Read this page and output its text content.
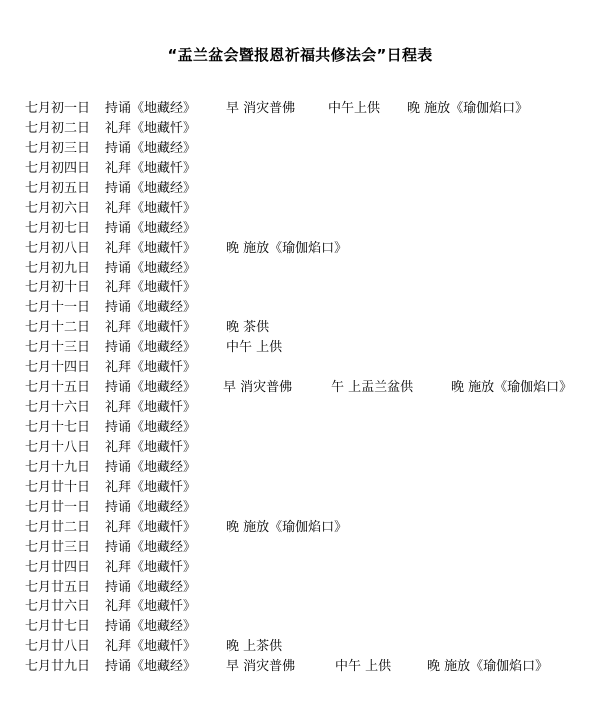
“盂兰盆会暨报恩祈福共修法会”日程表
七月初一日 持诵《地藏经》 早 消灾普佛	中午上供 晚 施放《瑜伽焰口》
七月初二日 礼拜《地藏忏》
七月初三日 持诵《地藏经》
七月初四日 礼拜《地藏忏》
七月初五日 持诵《地藏经》
七月初六日 礼拜《地藏忏》
七月初七日 持诵《地藏经》
七月初八日 礼拜《地藏忏》 晚 施放《瑜伽焰口》
七月初九日 持诵《地藏经》
七月初十日 礼拜《地藏忏》
七月十一日 持诵《地藏经》
七月十二日 礼拜《地藏忏》 晚 茶供
七月十三日 持诵《地藏经》 中午 上供
七月十四日 礼拜《地藏忏》
七月十五日 持诵《地藏经》 早 消灾普佛	午 上盂兰盆供	晚 施放《瑜伽焰口》
七月十六日 礼拜《地藏忏》
七月十七日 持诵《地藏经》
七月十八日 礼拜《地藏忏》
七月十九日 持诵《地藏经》
七月廿十日 礼拜《地藏忏》
七月廿一日 持诵《地藏经》
七月廿二日 礼拜《地藏忏》 晚 施放《瑜伽焰口》
七月廿三日 持诵《地藏经》
七月廿四日 礼拜《地藏忏》
七月廿五日 持诵《地藏经》
七月廿六日 礼拜《地藏忏》
七月廿七日 持诵《地藏经》
七月廿八日 礼拜《地藏忏》 晚 上茶供
七月廿九日 持诵《地藏经》 早 消灾普佛	中午 上供	晚 施放《瑜伽焰口》
